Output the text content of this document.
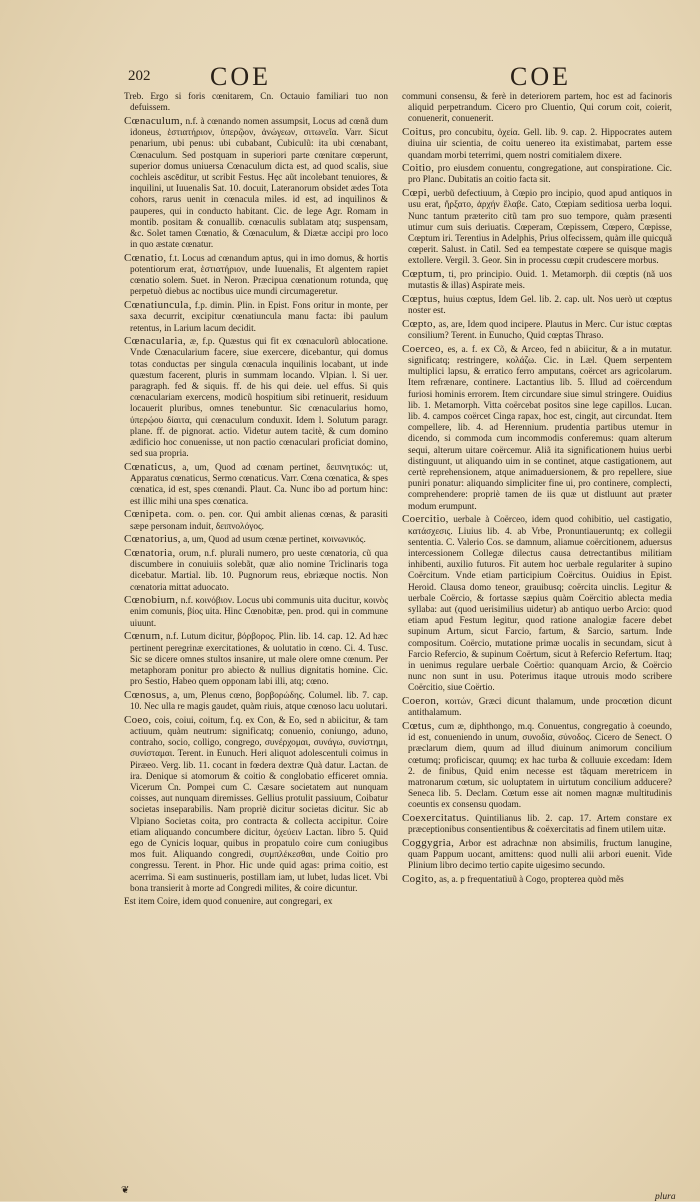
202 COE	COE

Treb. Ergo si foris cœnitarem, Cn. Octauio familiari tuo non defuissem.

Cœnaculum, n.f. à cœnando nomen assumpsit, Locus ad cœnã dum idoneus, ἑστιατήριον, ὑπερῷον, ἀνώγεων, σιτωνεῖα. Varr. Sicut penarium, ubi penus: ubi cubabant, Cubiculũ: ita ubi cœnabant, Cœnaculum. Sed postquam in superiori parte cœnitare cœperunt, superior domus uniuersa Cœnaculum dicta est, ad quod scalis, siue cochleis ascēditur, ut scribit Festus. Hęc aũt incolebant tenuiores, & inquilini, ut Iuuenalis Sat. 10. docuit, Lateranorum obsidet ædes Tota cohors, rarus uenit in cœnacula miles. id est, ad inquilinos & pauperes, qui in conducto habitant. Cic. de lege Agr. Romam in montib. positam & conuallib. cœnaculis sublatam atq; suspensam, &c. Solet tamen Cœnatio, & Cœnaculum, & Diætæ accipi pro loco in quo æstate cœnatur.

Cœnatio, f.t. Locus ad cœnandum aptus, qui in imo domus, & hortis potentiorum erat, ἑστιατήριον, unde Iuuenalis, Et algentem rapiet cœnatio solem. Suet. in Neron. Præcipua cœnationum rotunda, quę perpetuò diebus ac noctibus uice mundi circumageretur.

Cœnatiuncula, f.p. dimin. Plin. in Epist. Fons oritur in monte, per saxa decurrit, excipitur cœnatiuncula manu facta: ibi paulum retentus, in Larium lacum decidit.

Cœnacularia, æ, f.p. Quæstus qui fit ex cœnaculorũ ablocatione. Vnde Cœnacularium facere, siue exercere, dicebantur, qui domus totas conductas per singula cœnacula inquilinis locabant, ut inde quæstum facerent, pluris in summam locando. Vlpian. l. Si uer. paragraph. fed & siquis. ff. de his qui deie. uel effus. Si quis cœnaculariam exercens, modicũ hospitium sibi retinuerit, residuum locauerit pluribus, omnes tenebuntur. Sic cœnacularius homo, ὑπερῴου δίαιτα, qui cœnaculum conduxit. Idem l. Solutum paragr. plane. ff. de pignorat. actio. Videtur autem tacitè, & cum domino ædificio hoc conuenisse, ut non pactio cœnaculari proficiat domino, sed sua propria.

Cœnaticus, a, um, Quod ad cœnam pertinet, δειπνητικός: ut, Apparatus cœnaticus, Sermo cœnaticus. Varr. Cœna cœnatica, & spes cœnatica, id est, spes cœnandi. Plaut. Ca. Nunc ibo ad portum hinc: est illic mihi una spes cœnatica.

Cœnipeta. com. o. pen. cor. Qui ambit alienas cœnas, & parasiti sæpe personam induit, δειπνολόγος.

Cœnatorius, a, um, Quod ad usum cœnæ pertinet, κοινωνικός.

Cœnatoria, orum, n.f. plurali numero, pro ueste cœnatoria, cũ qua discumbere in conuiuiis solebãt, quæ alio nomine Triclinaris toga dicebatur. Martial. lib. 10. Pugnorum reus, ebriæque noctis. Non cœnatoria mittat aduocato.

Cœnobium, n.f. κοινόβιον. Locus ubi communis uita ducitur, κοινὸς enim comunis, βίος uita. Hinc Cœnobitæ, pen. prod. qui in commune uiuunt.

Cœnum, n.f. Lutum dicitur, βόρβορος. Plin. lib. 14. cap. 12. Ad hæc pertinent peregrinæ exercitationes, & uolutatio in cœno. Ci. 4. Tusc. Sic se dicere omnes stultos insanire, ut male olere omne cœnum. Per metaphoram ponitur pro abiecto & nullius dignitatis homine. Cic. pro Sestio, Habeo quem opponam labi illi, atq; cœno.

Cœnosus, a, um, Plenus cœno, βορβορώδης. Columel. lib. 7. cap. 10. Nec ulla re magis gaudet, quàm riuis, atque cœnoso lacu uolutari.

Coeo, cois, coiui, coitum, f.q. ex Con, & Eo, sed n abiicitur, & tam actiuum, quàm neutrum: significatq; conuenio, coniungo, aduno, contraho, socio, colligo, congrego, συνέρχομαι, συνάγω, συνίστημι, συνίσταμαι. Terent. in Eunuch. Heri aliquot adolescentuli coimus in Piræeo. Verg. lib. 11. cocant in fœdera dextræ Quà datur. Lactan. de ira. Denique si atomorum & coitio & conglobatio efficeret omnia. Vicerum Cn. Pompei cum C. Cæsare societatem aut nunquam coisses, aut nunquam diremisses. Gellius protulit passiuum, Coibatur societas inseparabilis. Nam propriè dicitur societas dicitur. Sic ab Vlpiano Societas coita, pro contracta & collecta accipitur. Coire etiam aliquando concumbere dicitur, ὀχεύειν Lactan. libro 5. Quid ego de Cynicis loquar, quibus in propatulo coire cum coniugibus mos fuit. Aliquando congredi, συμπλέκεσθαι, unde Coitio pro congressu. Terent. in Phor. Hic unde quid agas: prima coitio, est acerrima. Si eam sustinueris, postillam iam, ut lubet, ludas licet. Vbi bona transierit à morte ad Congredi milites, & coire dicuntur.

Est item Coire, idem quod conuenire, aut congregari, ex

communi consensu, & ferè in deteriorem partem, hoc est ad facinoris aliquid perpetrandum. Cicero pro Cluentio, Qui corum coit, coierit, conuenerit, conuenerit.

Coitus, pro concubitu, ὀχεία. Gell. lib. 9. cap. 2. Hippocrates autem diuina uir scientia, de coitu uenereo ita existimabat, partem esse quandam morbi teterrimi, quem nostri comitialem dixere.

Coitio, pro eiusdem conuentu, congregatione, aut conspiratione. Cic. pro Planc. Dubitatis an coitio facta sit.

Cœpi, uerbũ defectiuum, à Cœpio pro incipio, quod apud antiquos in usu erat, ἤρξατο, ἀρχήν ἔλαβε. Cato, Cœpiam seditiosa uerba loqui. Nunc tantum præterito citũ tam pro suo tempore, quàm præsenti utimur cum suis deriuatis. Cœperam, Cœpissem, Cœpero, Cœpisse, Cœptum iri. Terentius in Adelphis, Prius olfecissem, quàm ille quicquã cœperit. Salust. in Catil. Sed ea tempestate cœpere se quisque magis extollere. Vergil. 3. Geor. Sin in processu cœpit crudescere morbus.

Cœptum, ti, pro principio. Ouid. 1. Metamorph. dii cœptis (nã uos mutastis & illas) Aspirate meis.

Cœptus, huius cœptus, Idem Gel. lib. 2. cap. ult. Nos uerò ut cœptus noster est.

Cœpto, as, are, Idem quod incipere. Plautus in Merc. Cur istuc cœptas consilium? Terent. in Eunucho, Quid cœptas Thraso.

Coerceo, es, a. f. ex Cõ, & Arceo, fed n abiicitur, & a in mutatur. significatq; restringere, κολάζω. Cic. in Læl. Quem serpentem multiplici lapsu, & erratico ferro amputans, coërcet ars agricolarum. Item refrænare, continere. Lactantius lib. 5. Illud ad coërcendum furiosi hominis errorem. Item circundare siue simul stringere. Ouidius lib. 1. Metamorph. Vitta coërcebat positos sine lege capillos. Lucan. lib. 4. campos coërcet Cinga rapax, hoc est, cingit, aut circundat. Item compellere, lib. 4. ad Herennium. prudentia partibus utemur in dicendo, si commoda cum incommodis conferemus: quam alterum sequi, alterum uitare coërcemur. Aliã ita significationem huius uerbi distinguunt, ut aliquando uim in se continet, atque castigationem, aut certè reprehensionem, atque animaduersionem, & pro repellere, siue puniri ponatur: aliquando simpliciter fine ui, pro continere, complecti, comprehendere: propriè tamen de iis quæ ut distluunt aut præter modum erumpunt.

Coercitio, uerbale à Coërceo, idem quod cohibitio, uel castigatio, κατάσχεσις. Liuius lib. 4. ab Vrbe, Pronuntiaueruntq; ex collegii sententia. C. Valerio Cos. se damnum, aliamue coërcitionem, aduersus intercessionem Collegæ dilectus causa detrectantibus militiam inhibenti, auxilio futuros. Fit autem hoc uerbale regulariter à supino Coërcitum. Vnde etiam participium Coërcitus. Ouidius in Epist. Heroid. Clausa domo teneor, grauibusq; coërcita uinclis. Legitur & uerbale Coërcio, & fortasse sæpius quàm Coërcitio ablecta media syllaba: aut (quod uerisimilius uidetur) ab antiquo uerbo Arcio: quod etiam apud Festum legitur, quod ratione analogiæ facere debet supinum Artum, sicut Farcio, fartum, & Sarcio, sartum. Inde compositum. Coërcio, mutatione primæ uocalis in secundam, sicut à Farcio Refercio, & supinum Coërtum, sicut à Refercio Refertum. Itaq; in uenimus regulare uerbale Coërtio: quanquam Arcio, & Coërcio nunc non sunt in usu. Poterimus itaque utrouis modo scribere Coërcitio, siue Coërtio.

Coeron, κοιτών, Græci dicunt thalamum, unde procœtion dicunt antithalamum.

Cœtus, cum æ, diphthongo, m.q. Conuentus, congregatio à coeundo, id est, conueniendo in unum, συνοδία, σύνοδος. Cicero de Senect. O præclarum diem, quum ad illud diuinum animorum concilium cœtumq; proficiscar, quumq; ex hac turba & colluuie excedam: Idem 2. de finibus, Quid enim necesse est tãquam meretricem in matronarum cœtum, sic uoluptatem in uirtutum concilium adducere? Seneca lib. 5. Declam. Cœtum esse ait nomen magnæ multitudinis coeuntis ex consensu quodam.

Coexercitatus. Quintilianus lib. 2. cap. 17. Artem constare ex præceptionibus consentientibus & coëxercitatis ad finem utilem uitæ.

Coggygria, Arbor est adrachnæ non absimilis, fructum lanugine, quam Pappum uocant, amittens: quod nulli alii arbori euenit. Vide Plinium libro decimo tertio capite uigesimo secundo.

Cogito, as, a. p frequentatiuũ à Cogo, propterea quòd mẽs

❦
plura
